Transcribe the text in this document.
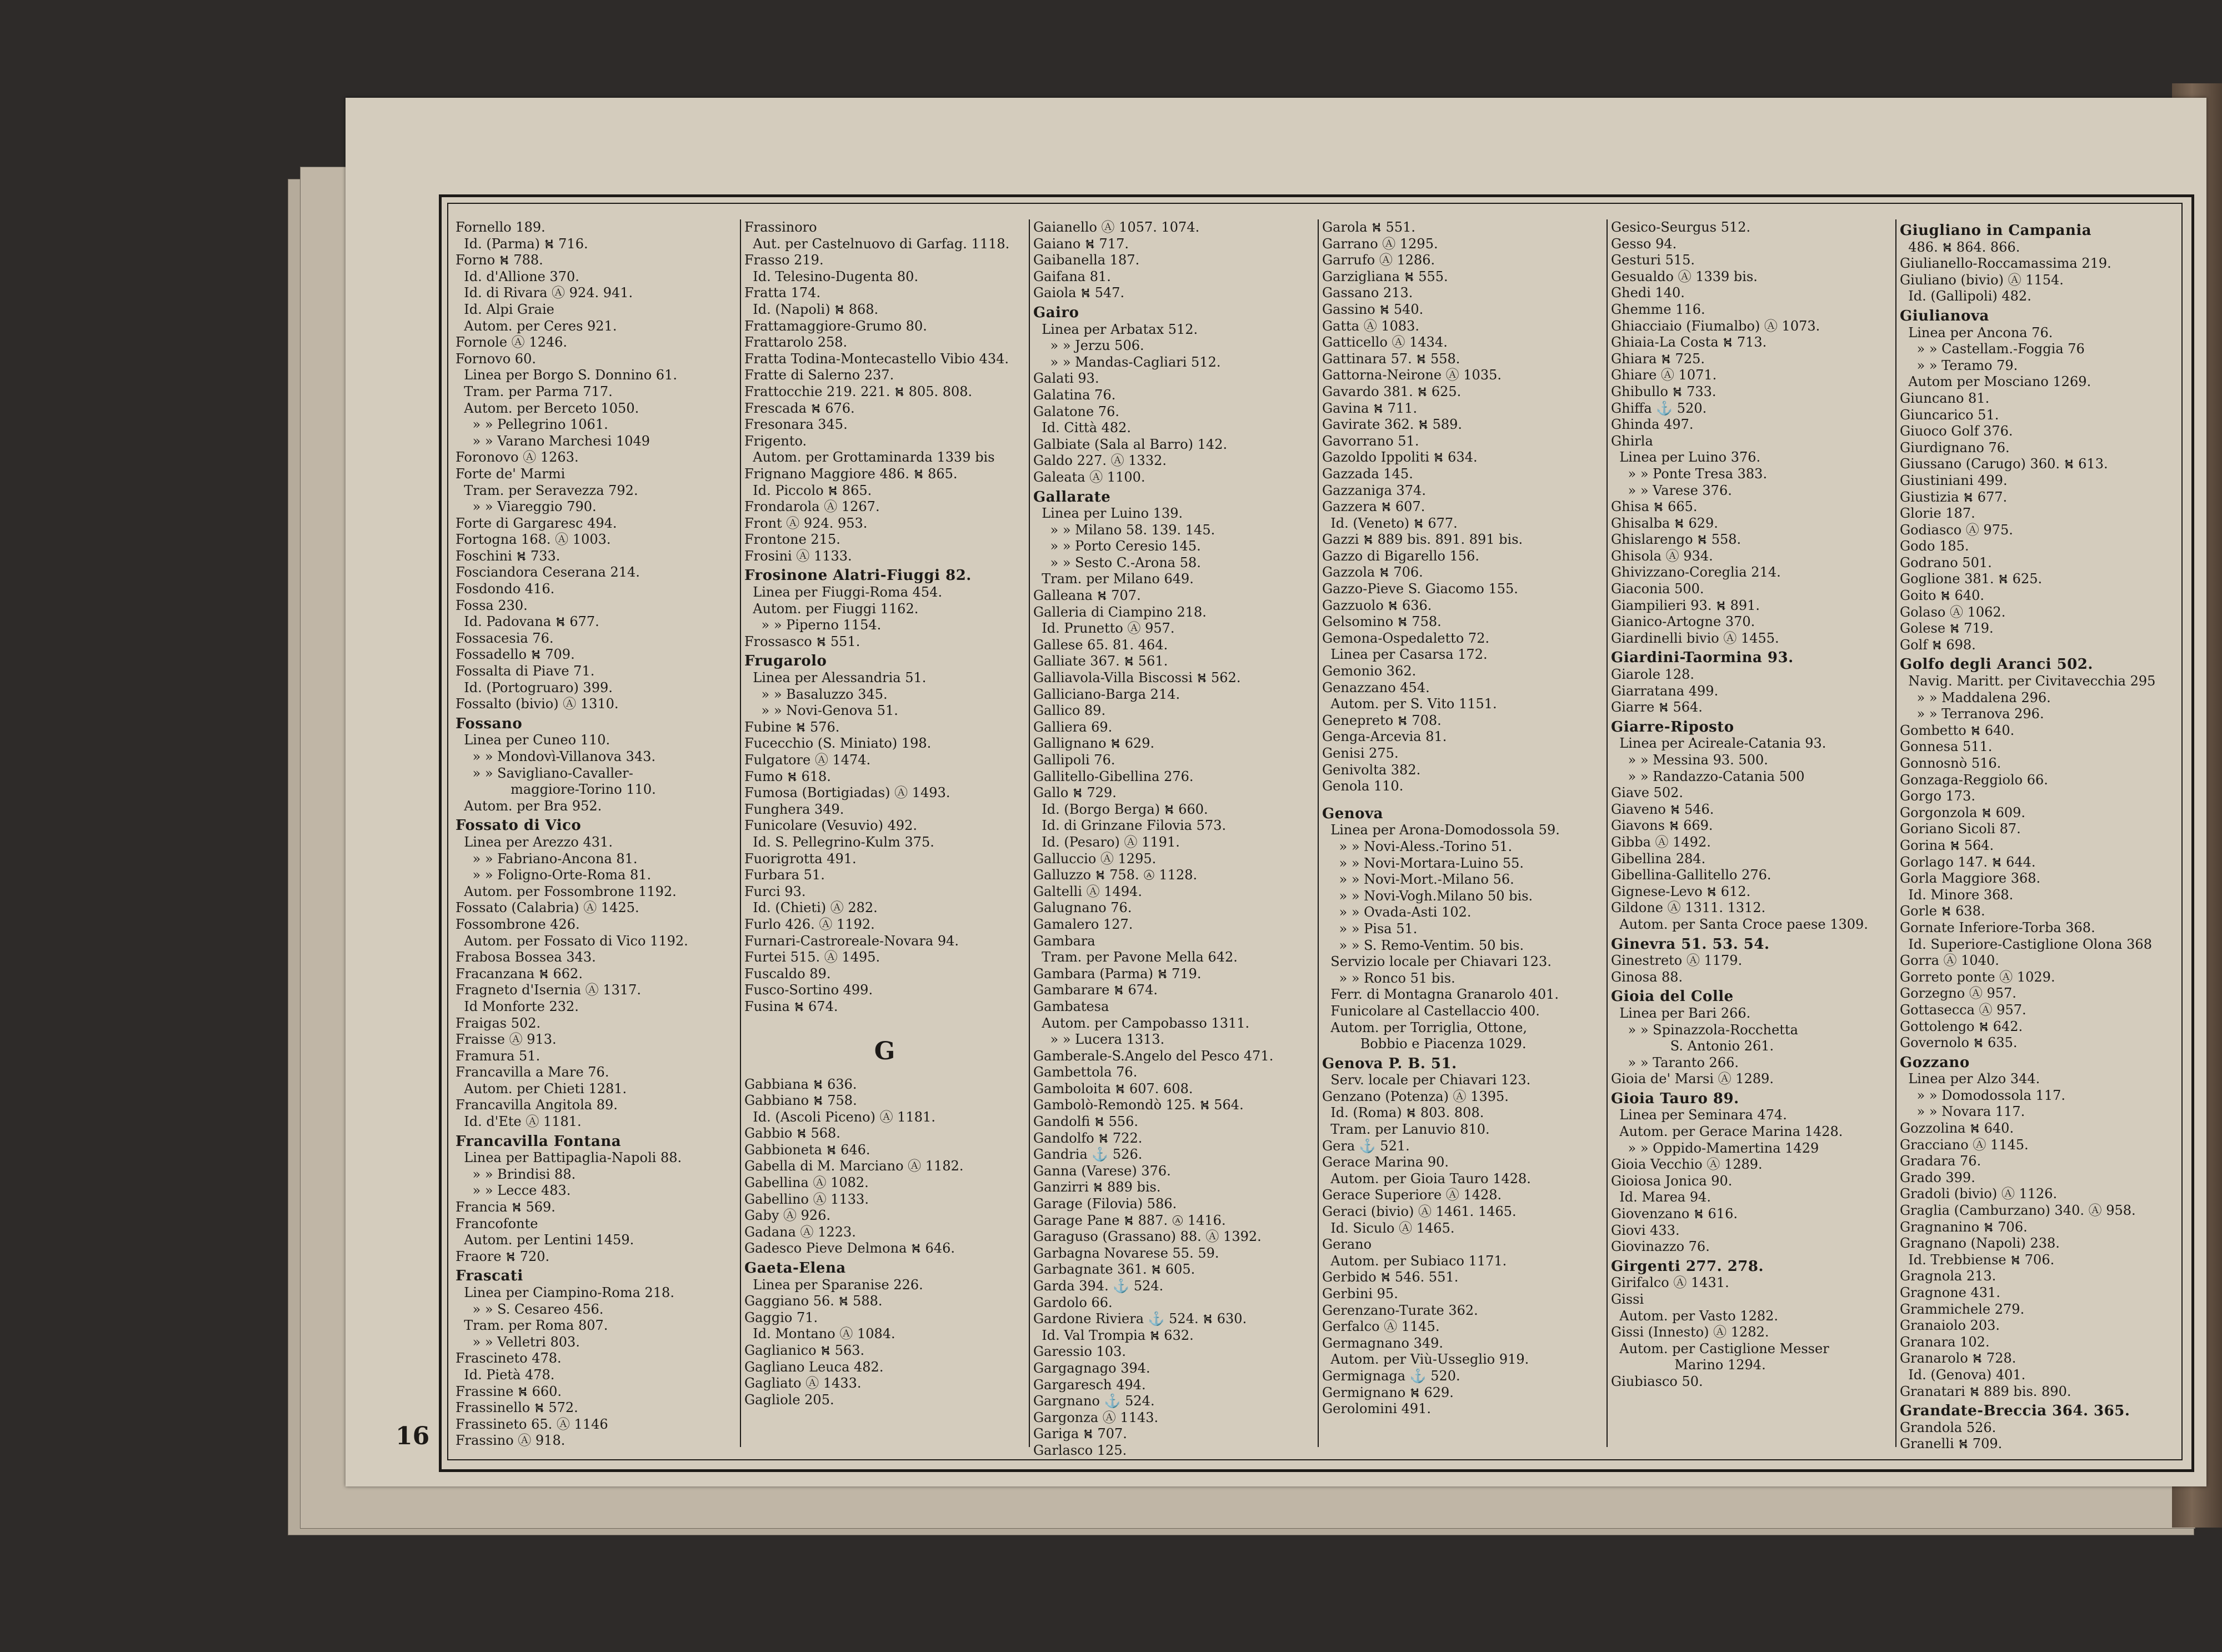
16
Fornello 189.
Id. (Parma) ⛕ 716.
Forno ⛕ 788.
Id. d'Allione 370.
Id. di Rivara Ⓐ 924. 941.
Id. Alpi Graie
Autom. per Ceres 921.
Fornole Ⓐ 1246.
Fornovo 60.
Linea per Borgo S. Donnino 61.
Tram. per Parma 717.
Autom. per Berceto 1050.
» » Pellegrino 1061.
» » Varano Marchesi 1049
Foronovo Ⓐ 1263.
Forte de' Marmi
Tram. per Seravezza 792.
» » Viareggio 790.
Forte di Gargaresc 494.
Fortogna 168. Ⓐ 1003.
Foschini ⛕ 733.
Fosciandora Ceserana 214.
Fosdondo 416.
Fossa 230.
Id. Padovana ⛕ 677.
Fossacesia 76.
Fossadello ⛕ 709.
Fossalta di Piave 71.
Id. (Portogruaro) 399.
Fossalto (bivio) Ⓐ 1310.
Fossano
Linea per Cuneo 110.
» » Mondovì-Villanova 343.
» » Savigliano-Cavaller-
maggiore-Torino 110.
Autom. per Bra 952.
Fossato di Vico
Linea per Arezzo 431.
» » Fabriano-Ancona 81.
» » Foligno-Orte-Roma 81.
Autom. per Fossombrone 1192.
Fossato (Calabria) Ⓐ 1425.
Fossombrone 426.
Autom. per Fossato di Vico 1192.
Frabosa Bossea 343.
Fracanzana ⛕ 662.
Fragneto d'Isernia Ⓐ 1317.
Id Monforte 232.
Fraigas 502.
Fraisse Ⓐ 913.
Framura 51.
Francavilla a Mare 76.
Autom. per Chieti 1281.
Francavilla Angitola 89.
Id. d'Ete Ⓐ 1181.
Francavilla Fontana
Linea per Battipaglia-Napoli 88.
» » Brindisi 88.
» » Lecce 483.
Francia ⛕ 569.
Francofonte
Autom. per Lentini 1459.
Fraore ⛕ 720.
Frascati
Linea per Ciampino-Roma 218.
» » S. Cesareo 456.
Tram. per Roma 807.
» » Velletri 803.
Frascineto 478.
Id. Pietà 478.
Frassine ⛕ 660.
Frassinello ⛕ 572.
Frassineto 65. Ⓐ 1146
Frassino Ⓐ 918.
Frassinoro
Aut. per Castelnuovo di Garfag. 1118.
Frasso 219.
Id. Telesino-Dugenta 80.
Fratta 174.
Id. (Napoli) ⛕ 868.
Frattamaggiore-Grumo 80.
Frattarolo 258.
Fratta Todina-Montecastello Vibio 434.
Fratte di Salerno 237.
Frattocchie 219. 221. ⛕ 805. 808.
Frescada ⛕ 676.
Fresonara 345.
Frigento.
Autom. per Grottaminarda 1339 bis
Frignano Maggiore 486. ⛕ 865.
Id. Piccolo ⛕ 865.
Frondarola Ⓐ 1267.
Front Ⓐ 924. 953.
Frontone 215.
Frosini Ⓐ 1133.
Frosinone Alatri-Fiuggi 82.
Linea per Fiuggi-Roma 454.
Autom. per Fiuggi 1162.
» » Piperno 1154.
Frossasco ⛕ 551.
Frugarolo
Linea per Alessandria 51.
» » Basaluzzo 345.
» » Novi-Genova 51.
Fubine ⛕ 576.
Fucecchio (S. Miniato) 198.
Fulgatore Ⓐ 1474.
Fumo ⛕ 618.
Fumosa (Bortigiadas) Ⓐ 1493.
Funghera 349.
Funicolare (Vesuvio) 492.
Id. S. Pellegrino-Kulm 375.
Fuorigrotta 491.
Furbara 51.
Furci 93.
Id. (Chieti) Ⓐ 282.
Furlo 426. Ⓐ 1192.
Furnari-Castroreale-Novara 94.
Furtei 515. Ⓐ 1495.
Fuscaldo 89.
Fusco-Sortino 499.
Fusina ⛕ 674.
G
Gabbiana ⛕ 636.
Gabbiano ⛕ 758.
Id. (Ascoli Piceno) Ⓐ 1181.
Gabbio ⛕ 568.
Gabbioneta ⛕ 646.
Gabella di M. Marciano Ⓐ 1182.
Gabellina Ⓐ 1082.
Gabellino Ⓐ 1133.
Gaby Ⓐ 926.
Gadana Ⓐ 1223.
Gadesco Pieve Delmona ⛕ 646.
Gaeta-Elena
Linea per Sparanise 226.
Gaggiano 56. ⛕ 588.
Gaggio 71.
Id. Montano Ⓐ 1084.
Gaglianico ⛕ 563.
Gagliano Leuca 482.
Gagliato Ⓐ 1433.
Gagliole 205.
Gaianello Ⓐ 1057. 1074.
Gaiano ⛕ 717.
Gaibanella 187.
Gaifana 81.
Gaiola ⛕ 547.
Gairo
Linea per Arbatax 512.
» » Jerzu 506.
» » Mandas-Cagliari 512.
Galati 93.
Galatina 76.
Galatone 76.
Id. Città 482.
Galbiate (Sala al Barro) 142.
Galdo 227. Ⓐ 1332.
Galeata Ⓐ 1100.
Gallarate
Linea per Luino 139.
» » Milano 58. 139. 145.
» » Porto Ceresio 145.
» » Sesto C.-Arona 58.
Tram. per Milano 649.
Galleana ⛕ 707.
Galleria di Ciampino 218.
Id. Prunetto Ⓐ 957.
Gallese 65. 81. 464.
Galliate 367. ⛕ 561.
Galliavola-Villa Biscossi ⛕ 562.
Galliciano-Barga 214.
Gallico 89.
Galliera 69.
Gallignano ⛕ 629.
Gallipoli 76.
Gallitello-Gibellina 276.
Gallo ⛕ 729.
Id. (Borgo Berga) ⛕ 660.
Id. di Grinzane Filovia 573.
Id. (Pesaro) Ⓐ 1191.
Galluccio Ⓐ 1295.
Galluzzo ⛕ 758. Ⓐ 1128.
Galtelli Ⓐ 1494.
Galugnano 76.
Gamalero 127.
Gambara
Tram. per Pavone Mella 642.
Gambara (Parma) ⛕ 719.
Gambarare ⛕ 674.
Gambatesa
Autom. per Campobasso 1311.
» » Lucera 1313.
Gamberale-S.Angelo del Pesco 471.
Gambettola 76.
Gamboloita ⛕ 607. 608.
Gambolò-Remondò 125. ⛕ 564.
Gandolfi ⛕ 556.
Gandolfo ⛕ 722.
Gandria ⚓ 526.
Ganna (Varese) 376.
Ganzirri ⛕ 889 bis.
Garage (Filovia) 586.
Garage Pane ⛕ 887. Ⓐ 1416.
Garaguso (Grassano) 88. Ⓐ 1392.
Garbagna Novarese 55. 59.
Garbagnate 361. ⛕ 605.
Garda 394. ⚓ 524.
Gardolo 66.
Gardone Riviera ⚓ 524. ⛕ 630.
Id. Val Trompia ⛕ 632.
Garessio 103.
Gargagnago 394.
Gargaresch 494.
Gargnano ⚓ 524.
Gargonza Ⓐ 1143.
Gariga ⛕ 707.
Garlasco 125.
Garola ⛕ 551.
Garrano Ⓐ 1295.
Garrufo Ⓐ 1286.
Garzigliana ⛕ 555.
Gassano 213.
Gassino ⛕ 540.
Gatta Ⓐ 1083.
Gatticello Ⓐ 1434.
Gattinara 57. ⛕ 558.
Gattorna-Neirone Ⓐ 1035.
Gavardo 381. ⛕ 625.
Gavina ⛕ 711.
Gavirate 362. ⛕ 589.
Gavorrano 51.
Gazoldo Ippoliti ⛕ 634.
Gazzada 145.
Gazzaniga 374.
Gazzera ⛕ 607.
Id. (Veneto) ⛕ 677.
Gazzi ⛕ 889 bis. 891. 891 bis.
Gazzo di Bigarello 156.
Gazzola ⛕ 706.
Gazzo-Pieve S. Giacomo 155.
Gazzuolo ⛕ 636.
Gelsomino ⛕ 758.
Gemona-Ospedaletto 72.
Linea per Casarsa 172.
Gemonio 362.
Genazzano 454.
Autom. per S. Vito 1151.
Genepreto ⛕ 708.
Genga-Arcevia 81.
Genisi 275.
Genivolta 382.
Genola 110.
Genova
Linea per Arona-Domodossola 59.
» » Novi-Aless.-Torino 51.
» » Novi-Mortara-Luino 55.
» » Novi-Mort.-Milano 56.
» » Novi-Vogh.Milano 50 bis.
» » Ovada-Asti 102.
» » Pisa 51.
» » S. Remo-Ventim. 50 bis.
Servizio locale per Chiavari 123.
» » Ronco 51 bis.
Ferr. di Montagna Granarolo 401.
Funicolare al Castellaccio 400.
Autom. per Torriglia, Ottone,
Bobbio e Piacenza 1029.
Genova P. B. 51.
Serv. locale per Chiavari 123.
Genzano (Potenza) Ⓐ 1395.
Id. (Roma) ⛕ 803. 808.
Tram. per Lanuvio 810.
Gera ⚓ 521.
Gerace Marina 90.
Autom. per Gioia Tauro 1428.
Gerace Superiore Ⓐ 1428.
Geraci (bivio) Ⓐ 1461. 1465.
Id. Siculo Ⓐ 1465.
Gerano
Autom. per Subiaco 1171.
Gerbido ⛕ 546. 551.
Gerbini 95.
Gerenzano-Turate 362.
Gerfalco Ⓐ 1145.
Germagnano 349.
Autom. per Viù-Usseglio 919.
Germignaga ⚓ 520.
Germignano ⛕ 629.
Gerolomini 491.
Gesico-Seurgus 512.
Gesso 94.
Gesturi 515.
Gesualdo Ⓐ 1339 bis.
Ghedi 140.
Ghemme 116.
Ghiacciaio (Fiumalbo) Ⓐ 1073.
Ghiaia-La Costa ⛕ 713.
Ghiara ⛕ 725.
Ghiare Ⓐ 1071.
Ghibullo ⛕ 733.
Ghiffa ⚓ 520.
Ghinda 497.
Ghirla
Linea per Luino 376.
» » Ponte Tresa 383.
» » Varese 376.
Ghisa ⛕ 665.
Ghisalba ⛕ 629.
Ghislarengo ⛕ 558.
Ghisola Ⓐ 934.
Ghivizzano-Coreglia 214.
Giaconia 500.
Giampilieri 93. ⛕ 891.
Gianico-Artogne 370.
Giardinelli bivio Ⓐ 1455.
Giardini-Taormina 93.
Giarole 128.
Giarratana 499.
Giarre ⛕ 564.
Giarre-Riposto
Linea per Acireale-Catania 93.
» » Messina 93. 500.
» » Randazzo-Catania 500
Giave 502.
Giaveno ⛕ 546.
Giavons ⛕ 669.
Gibba Ⓐ 1492.
Gibellina 284.
Gibellina-Gallitello 276.
Gignese-Levo ⛕ 612.
Gildone Ⓐ 1311. 1312.
Autom. per Santa Croce paese 1309.
Ginevra 51. 53. 54.
Ginestreto Ⓐ 1179.
Ginosa 88.
Gioia del Colle
Linea per Bari 266.
» » Spinazzola-Rocchetta
S. Antonio 261.
» » Taranto 266.
Gioia de' Marsi Ⓐ 1289.
Gioia Tauro 89.
Linea per Seminara 474.
Autom. per Gerace Marina 1428.
» » Oppido-Mamertina 1429
Gioia Vecchio Ⓐ 1289.
Gioiosa Jonica 90.
Id. Marea 94.
Giovenzano ⛕ 616.
Giovi 433.
Giovinazzo 76.
Girgenti 277. 278.
Girifalco Ⓐ 1431.
Gissi
Autom. per Vasto 1282.
Gissi (Innesto) Ⓐ 1282.
Autom. per Castiglione Messer
Marino 1294.
Giubiasco 50.
Giugliano in Campania
486. ⛕ 864. 866.
Giulianello-Roccamassima 219.
Giuliano (bivio) Ⓐ 1154.
Id. (Gallipoli) 482.
Giulianova
Linea per Ancona 76.
» » Castellam.-Foggia 76
» » Teramo 79.
Autom per Mosciano 1269.
Giuncano 81.
Giuncarico 51.
Giuoco Golf 376.
Giurdignano 76.
Giussano (Carugo) 360. ⛕ 613.
Giustiniani 499.
Giustizia ⛕ 677.
Glorie 187.
Godiasco Ⓐ 975.
Godo 185.
Godrano 501.
Goglione 381. ⛕ 625.
Goito ⛕ 640.
Golaso Ⓐ 1062.
Golese ⛕ 719.
Golf ⛕ 698.
Golfo degli Aranci 502.
Navig. Maritt. per Civitavecchia 295
» » Maddalena 296.
» » Terranova 296.
Gombetto ⛕ 640.
Gonnesa 511.
Gonnosnò 516.
Gonzaga-Reggiolo 66.
Gorgo 173.
Gorgonzola ⛕ 609.
Goriano Sicoli 87.
Gorina ⛕ 564.
Gorlago 147. ⛕ 644.
Gorla Maggiore 368.
Id. Minore 368.
Gorle ⛕ 638.
Gornate Inferiore-Torba 368.
Id. Superiore-Castiglione Olona 368
Gorra Ⓐ 1040.
Gorreto ponte Ⓐ 1029.
Gorzegno Ⓐ 957.
Gottasecca Ⓐ 957.
Gottolengo ⛕ 642.
Governolo ⛕ 635.
Gozzano
Linea per Alzo 344.
» » Domodossola 117.
» » Novara 117.
Gozzolina ⛕ 640.
Gracciano Ⓐ 1145.
Gradara 76.
Grado 399.
Gradoli (bivio) Ⓐ 1126.
Graglia (Camburzano) 340. Ⓐ 958.
Gragnanino ⛕ 706.
Gragnano (Napoli) 238.
Id. Trebbiense ⛕ 706.
Gragnola 213.
Gragnone 431.
Grammichele 279.
Granaiolo 203.
Granara 102.
Granarolo ⛕ 728.
Id. (Genova) 401.
Granatari ⛕ 889 bis. 890.
Grandate-Breccia 364. 365.
Grandola 526.
Granelli ⛕ 709.
